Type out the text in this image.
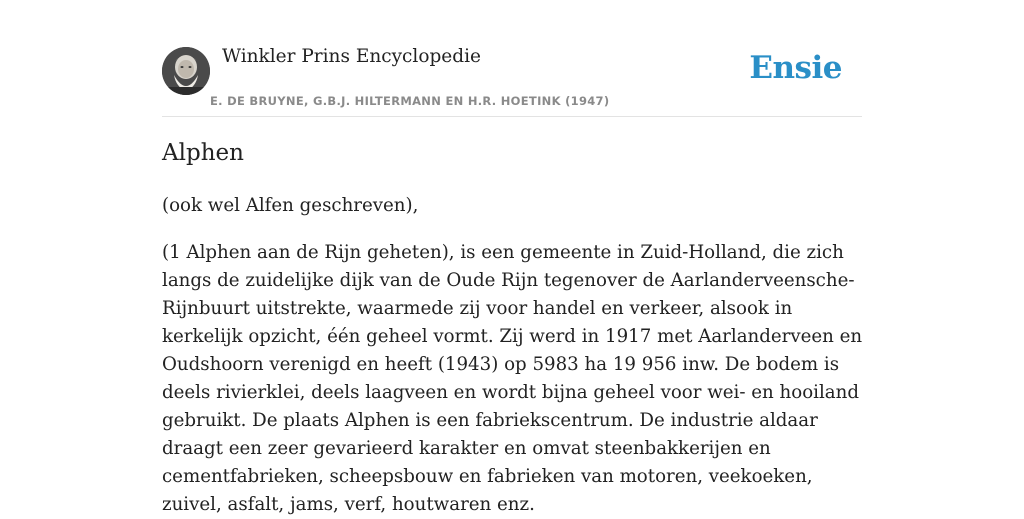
Winkler Prins Encyclopedie
E. DE BRUYNE, G.B.J. HILTERMANN EN H.R. HOETINK (1947)
Ensie
Alphen

(ook wel Alfen geschreven),

(1 Alphen aan de Rijn geheten), is een gemeente in Zuid-Holland, die zich langs de zuidelijke dijk van de Oude Rijn tegenover de Aarlanderveensche-Rijnbuurt uitstrekte, waarmede zij voor handel en verkeer, alsook in kerkelijk opzicht, één geheel vormt. Zij werd in 1917 met Aarlanderveen en Oudshoorn verenigd en heeft (1943) op 5983 ha 19 956 inw. De bodem is deels rivierklei, deels laagveen en wordt bijna geheel voor wei- en hooiland gebruikt. De plaats Alphen is een fabriekscentrum. De industrie aldaar draagt een zeer gevarieerd karakter en omvat steenbakkerijen en cementfabrieken, scheepsbouw en fabrieken van motoren, veekoeken, zuivel, asfalt, jams, verf, houtwaren enz.
